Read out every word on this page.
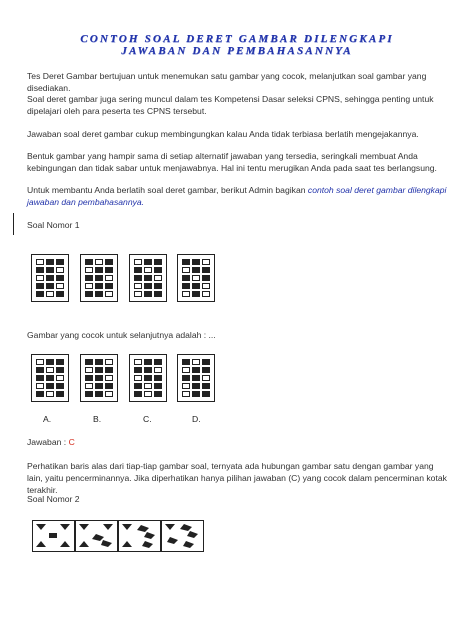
CONTOH SOAL DERET GAMBAR DILENGKAPI
JAWABAN DAN PEMBAHASANNYA

Tes Deret Gambar bertujuan untuk menemukan satu gambar yang cocok, melanjutkan soal gambar yang disediakan.

Soal deret gambar juga sering muncul dalam tes Kompetensi Dasar seleksi CPNS, sehingga penting untuk dipelajari oleh para peserta tes CPNS tersebut.

Jawaban soal deret gambar cukup membingungkan kalau Anda tidak terbiasa berlatih mengejakannya.

Bentuk gambar yang hampir sama di setiap alternatif jawaban yang tersedia, seringkali membuat Anda kebingungan dan tidak sabar untuk menjawabnya. Hal ini tentu merugikan Anda pada saat tes berlangsung.

Untuk membantu Anda berlatih soal deret gambar, berikut Admin bagikan contoh soal deret gambar dilengkapi jawaban dan pembahasannya.

Soal Nomor 1

Gambar yang cocok untuk selanjutnya adalah : ...

A.	B.	C.	D.

Jawaban : C

Perhatikan baris alas dari tiap-tiap gambar soal, ternyata ada hubungan gambar satu dengan gambar yang lain, yaitu pencerminannya. Jika diperhatikan hanya pilihan jawaban (C) yang cocok dalam pencerminan kotak terakhir.

Soal Nomor 2
